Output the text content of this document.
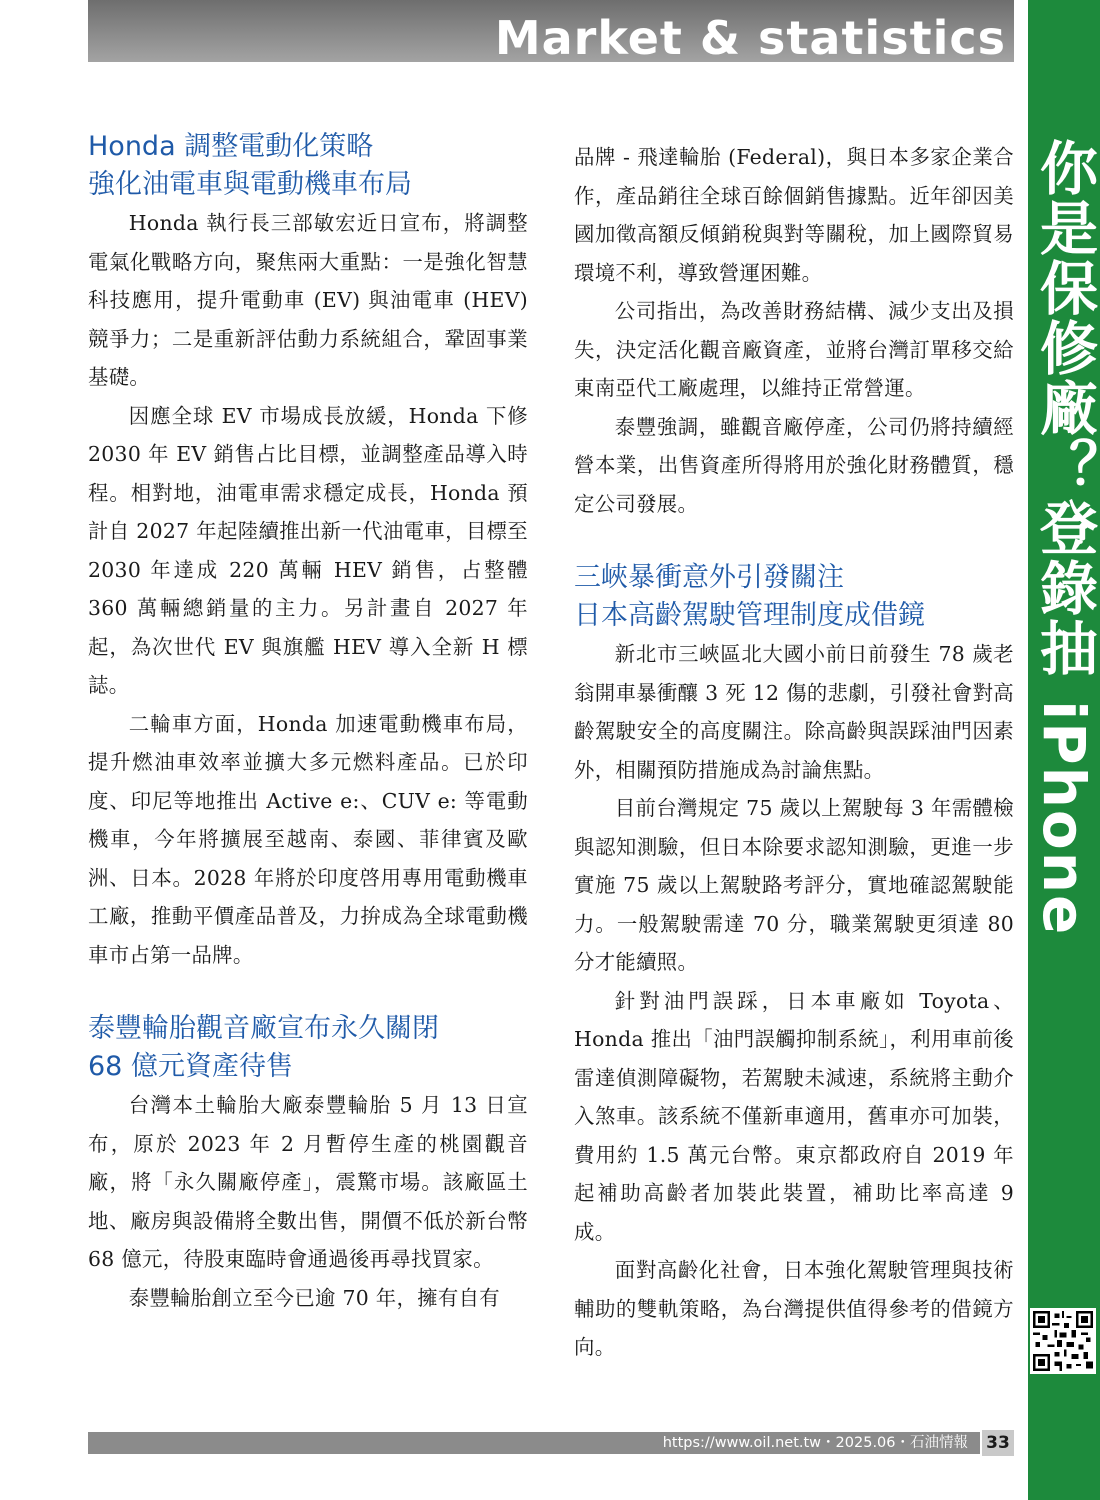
Market & statistics
你是保修廠？登錄抽 iPhone
Honda 調整電動化策略
強化油電車與電動機車布局

Honda 執行長三部敏宏近日宣布，將調整電氣化戰略方向，聚焦兩大重點：一是強化智慧科技應用，提升電動車 (EV) 與油電車 (HEV) 競爭力；二是重新評估動力系統組合，鞏固事業基礎。

因應全球 EV 市場成長放緩，Honda 下修 2030 年 EV 銷售占比目標，並調整產品導入時程。相對地，油電車需求穩定成長，Honda 預計自 2027 年起陸續推出新一代油電車，目標至 2030 年達成 220 萬輛 HEV 銷售，占整體 360 萬輛總銷量的主力。另計畫自 2027 年起，為次世代 EV 與旗艦 HEV 導入全新 H 標誌。

二輪車方面，Honda 加速電動機車布局，提升燃油車效率並擴大多元燃料產品。已於印度、印尼等地推出 Active e:、CUV e: 等電動機車，今年將擴展至越南、泰國、菲律賓及歐洲、日本。2028 年將於印度啓用專用電動機車工廠，推動平價產品普及，力拚成為全球電動機車市占第一品牌。

泰豐輪胎觀音廠宣布永久關閉
68 億元資產待售

台灣本土輪胎大廠泰豐輪胎 5 月 13 日宣布，原於 2023 年 2 月暫停生產的桃園觀音廠，將「永久關廠停產」，震驚市場。該廠區土地、廠房與設備將全數出售，開價不低於新台幣 68 億元，待股東臨時會通過後再尋找買家。

泰豐輪胎創立至今已逾 70 年，擁有自有

品牌 - 飛達輪胎 (Federal)，與日本多家企業合作，產品銷往全球百餘個銷售據點。近年卻因美國加徵高額反傾銷稅與對等關稅，加上國際貿易環境不利，導致營運困難。

公司指出，為改善財務結構、減少支出及損失，決定活化觀音廠資產，並將台灣訂單移交給東南亞代工廠處理，以維持正常營運。

泰豐強調，雖觀音廠停產，公司仍將持續經營本業，出售資產所得將用於強化財務體質，穩定公司發展。

三峽暴衝意外引發關注
日本高齡駕駛管理制度成借鏡

新北市三峽區北大國小前日前發生 78 歲老翁開車暴衝釀 3 死 12 傷的悲劇，引發社會對高齡駕駛安全的高度關注。除高齡與誤踩油門因素外，相關預防措施成為討論焦點。

目前台灣規定 75 歲以上駕駛每 3 年需體檢與認知測驗，但日本除要求認知測驗，更進一步實施 75 歲以上駕駛路考評分，實地確認駕駛能力。一般駕駛需達 70 分，職業駕駛更須達 80 分才能續照。

針對油門誤踩，日本車廠如 Toyota、Honda 推出「油門誤觸抑制系統」，利用車前後雷達偵測障礙物，若駕駛未減速，系統將主動介入煞車。該系統不僅新車適用，舊車亦可加裝，費用約 1.5 萬元台幣。東京都政府自 2019 年起補助高齡者加裝此裝置，補助比率高達 9 成。

面對高齡化社會，日本強化駕駛管理與技術輔助的雙軌策略，為台灣提供值得參考的借鏡方向。

https://www.oil.net.tw・2025.06・石油情報 33
